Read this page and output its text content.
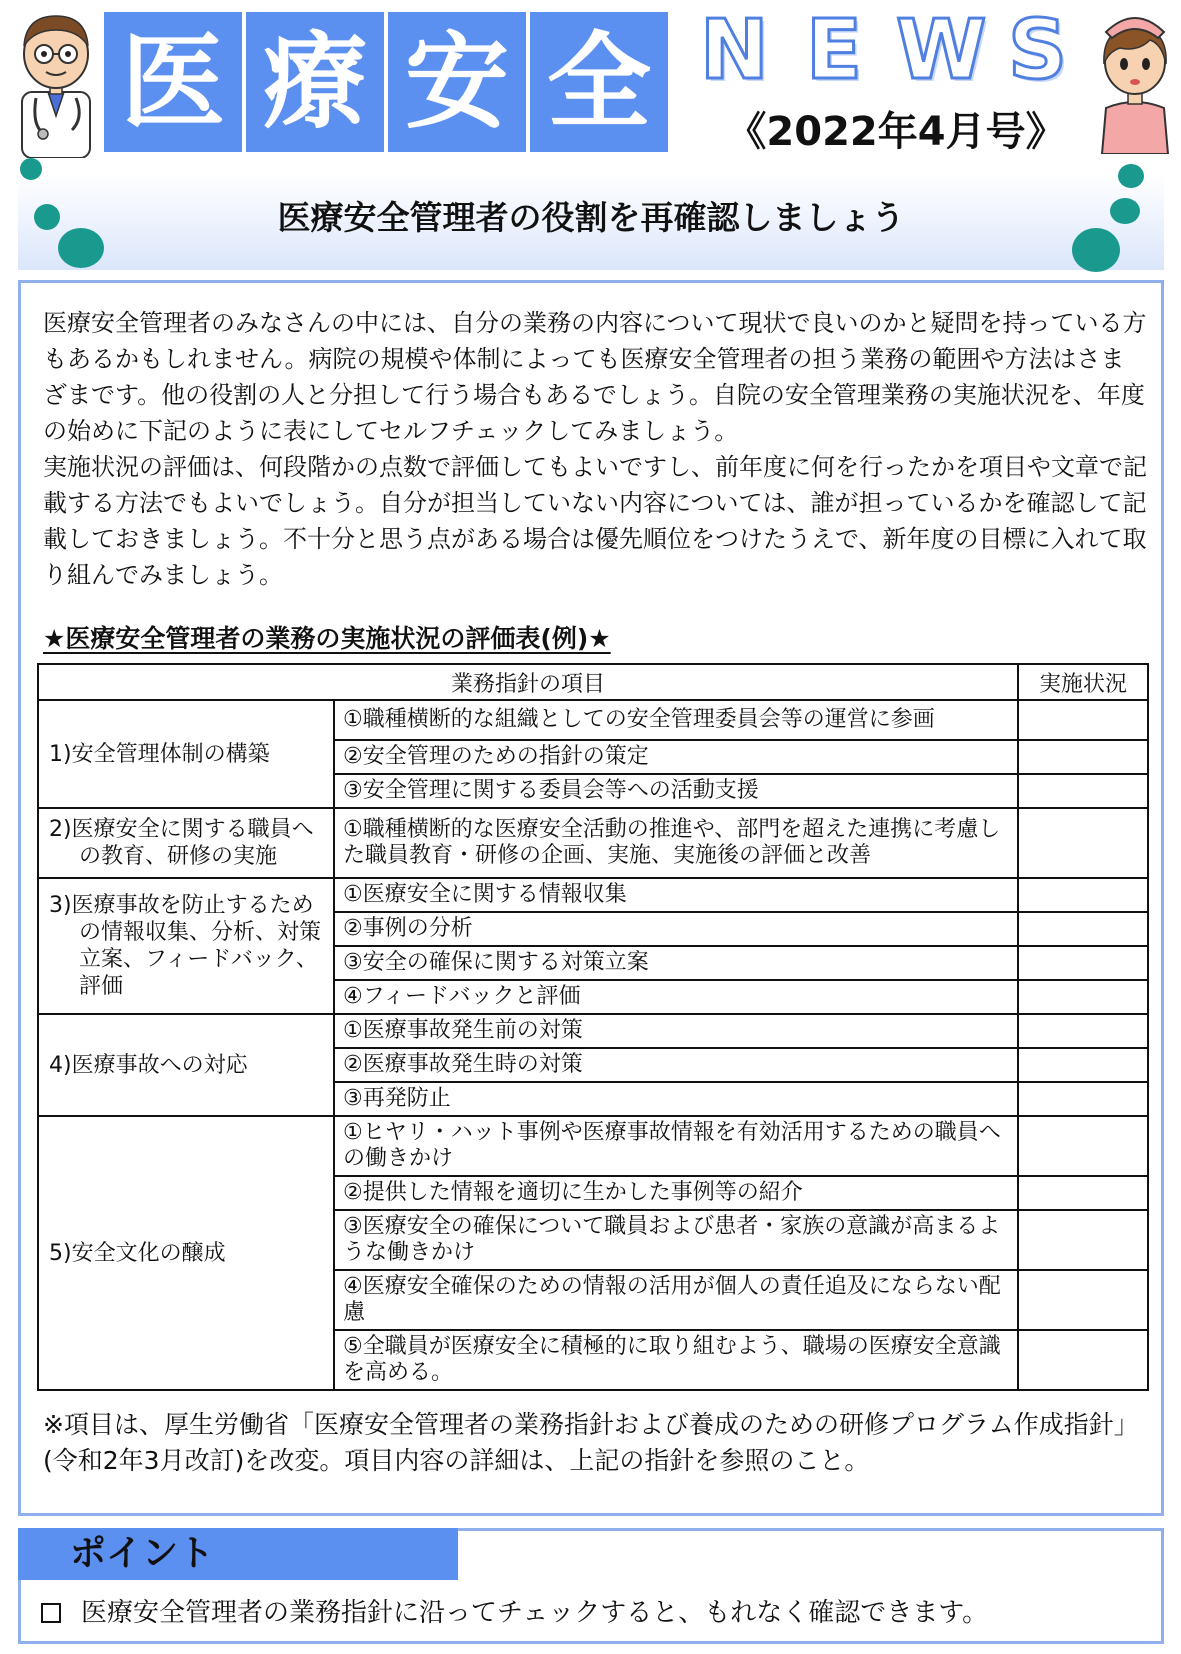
医 療 安 全 N E W S
《2022年4月号》
医療安全管理者の役割を再確認しましょう

医療安全管理者のみなさんの中には、自分の業務の内容について現状で良いのかと疑問を持っている方もあるかもしれません。病院の規模や体制によっても医療安全管理者の担う業務の範囲や方法はさまざまです。他の役割の人と分担して行う場合もあるでしょう。自院の安全管理業務の実施状況を、年度の始めに下記のように表にしてセルフチェックしてみましょう。

実施状況の評価は、何段階かの点数で評価してもよいですし、前年度に何を行ったかを項目や文章で記載する方法でもよいでしょう。自分が担当していない内容については、誰が担っているかを確認して記載しておきましょう。不十分と思う点がある場合は優先順位をつけたうえで、新年度の目標に入れて取り組んでみましょう。

★医療安全管理者の業務の実施状況の評価表(例)★
業務指針の項目		実施状況

1)安全管理体制の構築	①職種横断的な組織としての安全管理委員会等の運営に参画	
	②安全管理のための指針の策定	
	③安全管理に関する委員会等への活動支援	

2)医療安全に関する職員への教育、研修の実施	①職種横断的な医療安全活動の推進や、部門を超えた連携に考慮した職員教育・研修の企画、実施、実施後の評価と改善	

3)医療事故を防止するための情報収集、分析、対策立案、フィードバック、評価	①医療安全に関する情報収集	
	②事例の分析	
	③安全の確保に関する対策立案	
	④フィードバックと評価	

4)医療事故への対応	①医療事故発生前の対策	
	②医療事故発生時の対策	
	③再発防止	

5)安全文化の醸成	①ヒヤリ・ハット事例や医療事故情報を有効活用するための職員への働きかけ	
	②提供した情報を適切に生かした事例等の紹介	
	③医療安全の確保について職員および患者・家族の意識が高まるような働きかけ	
	④医療安全確保のための情報の活用が個人の責任追及にならない配慮	
	⑤全職員が医療安全に積極的に取り組むよう、職場の医療安全意識を高める。	
※項目は、厚生労働省「医療安全管理者の業務指針および養成のための研修プログラム作成指針」(令和2年3月改訂)を改変。項目内容の詳細は、上記の指針を参照のこと。
ポイント
医療安全管理者の業務指針に沿ってチェックすると、もれなく確認できます。
